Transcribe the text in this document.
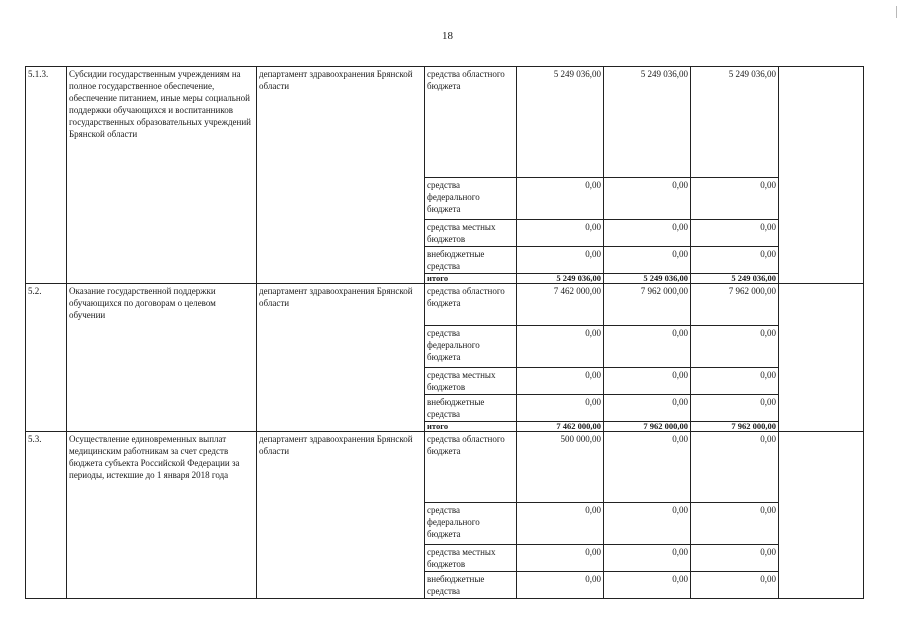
18
5.1.3.	Субсидии государственным учреждениям на полное государственное обеспечение, обеспечение питанием, иные меры социальной поддержки обучающихся и воспитанников государственных образовательных учреждений Брянской области	департамент здравоохранения Брянской области	средства областного бюджета	5 249 036,00	5 249 036,00	5 249 036,00	
			средства федерального бюджета	0,00	0,00	0,00	
			средства местных бюджетов	0,00	0,00	0,00	
			внебюджетные средства	0,00	0,00	0,00	
			итого	5 249 036,00	5 249 036,00	5 249 036,00	
5.2.	Оказание государственной поддержки обучающихся по договорам о целевом обучении	департамент здравоохранения Брянской области	средства областного бюджета	7 462 000,00	7 962 000,00	7 962 000,00	
			средства федерального бюджета	0,00	0,00	0,00	
			средства местных бюджетов	0,00	0,00	0,00	
			внебюджетные средства	0,00	0,00	0,00	
			итого	7 462 000,00	7 962 000,00	7 962 000,00	
5.3.	Осуществление единовременных выплат медицинским работникам за счет средств бюджета субъекта Российской Федерации за периоды, истекшие до 1 января 2018 года	департамент здравоохранения Брянской области	средства областного бюджета	500 000,00	0,00	0,00	
			средства федерального бюджета	0,00	0,00	0,00	
			средства местных бюджетов	0,00	0,00	0,00	
			внебюджетные средства	0,00	0,00	0,00	
